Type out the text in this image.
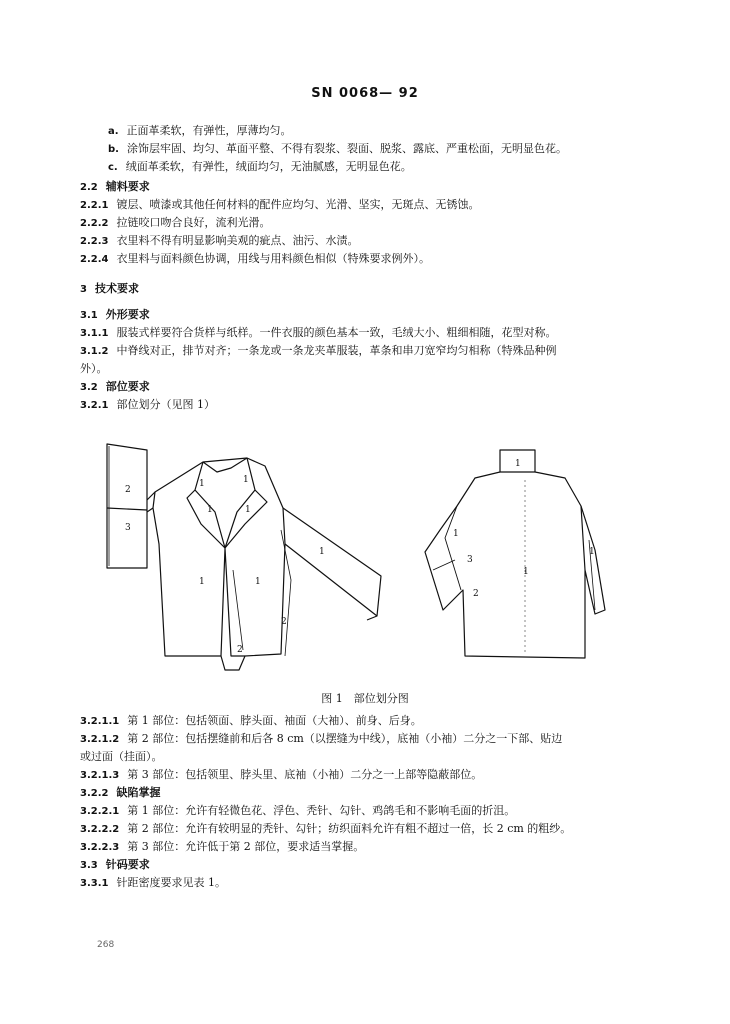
SN 0068— 92
a. 正面革柔软，有弹性，厚薄均匀。
b. 涂饰层牢固、均匀、革面平整、不得有裂浆、裂面、脱浆、露底、严重松面，无明显色花。
c. 绒面革柔软，有弹性，绒面均匀，无油腻感，无明显色花。
2.2 辅料要求
2.2.1 镀层、喷漆或其他任何材料的配件应均匀、光滑、坚实，无斑点、无锈蚀。
2.2.2 拉链咬口吻合良好，流利光滑。
2.2.3 衣里料不得有明显影响美观的疵点、油污、水渍。
2.2.4 衣里料与面料颜色协调，用线与用料颜色相似（特殊要求例外）。
3 技术要求
3.1 外形要求
3.1.1 服装式样要符合货样与纸样。一件衣服的颜色基本一致，毛绒大小、粗细相随，花型对称。
3.1.2 中脊线对正，排节对齐；一条龙或一条龙夹革服装，革条和串刀宽窄均匀相称（特殊品种例
外）。
3.2 部位要求
3.2.1 部位划分（见图 1）
3.2.1.1 第 1 部位：包括领面、脖头面、袖面（大袖）、前身、后身。
3.2.1.2 第 2 部位：包括摆缝前和后各 8 cm（以摆缝为中线），底袖（小袖）二分之一下部、贴边
或过面（挂面）。
3.2.1.3 第 3 部位：包括领里、脖头里、底袖（小袖）二分之一上部等隐蔽部位。
3.2.2 缺陷掌握
3.2.2.1 第 1 部位：允许有轻微色花、浮色、秃针、勾针、鸡鸽毛和不影响毛面的折沮。
3.2.2.2 第 2 部位：允许有较明显的秃针、勾针；纺织面料允许有粗不超过一倍，长 2 cm 的粗纱。
3.2.2.3 第 3 部位：允许低于第 2 部位，要求适当掌握。
3.3 针码要求
3.3.1 针距密度要求见表 1。
2
3
1	1
1	1
1	1
1
2
2
1
1
3
2
1
1
图 1　部位划分图
268
